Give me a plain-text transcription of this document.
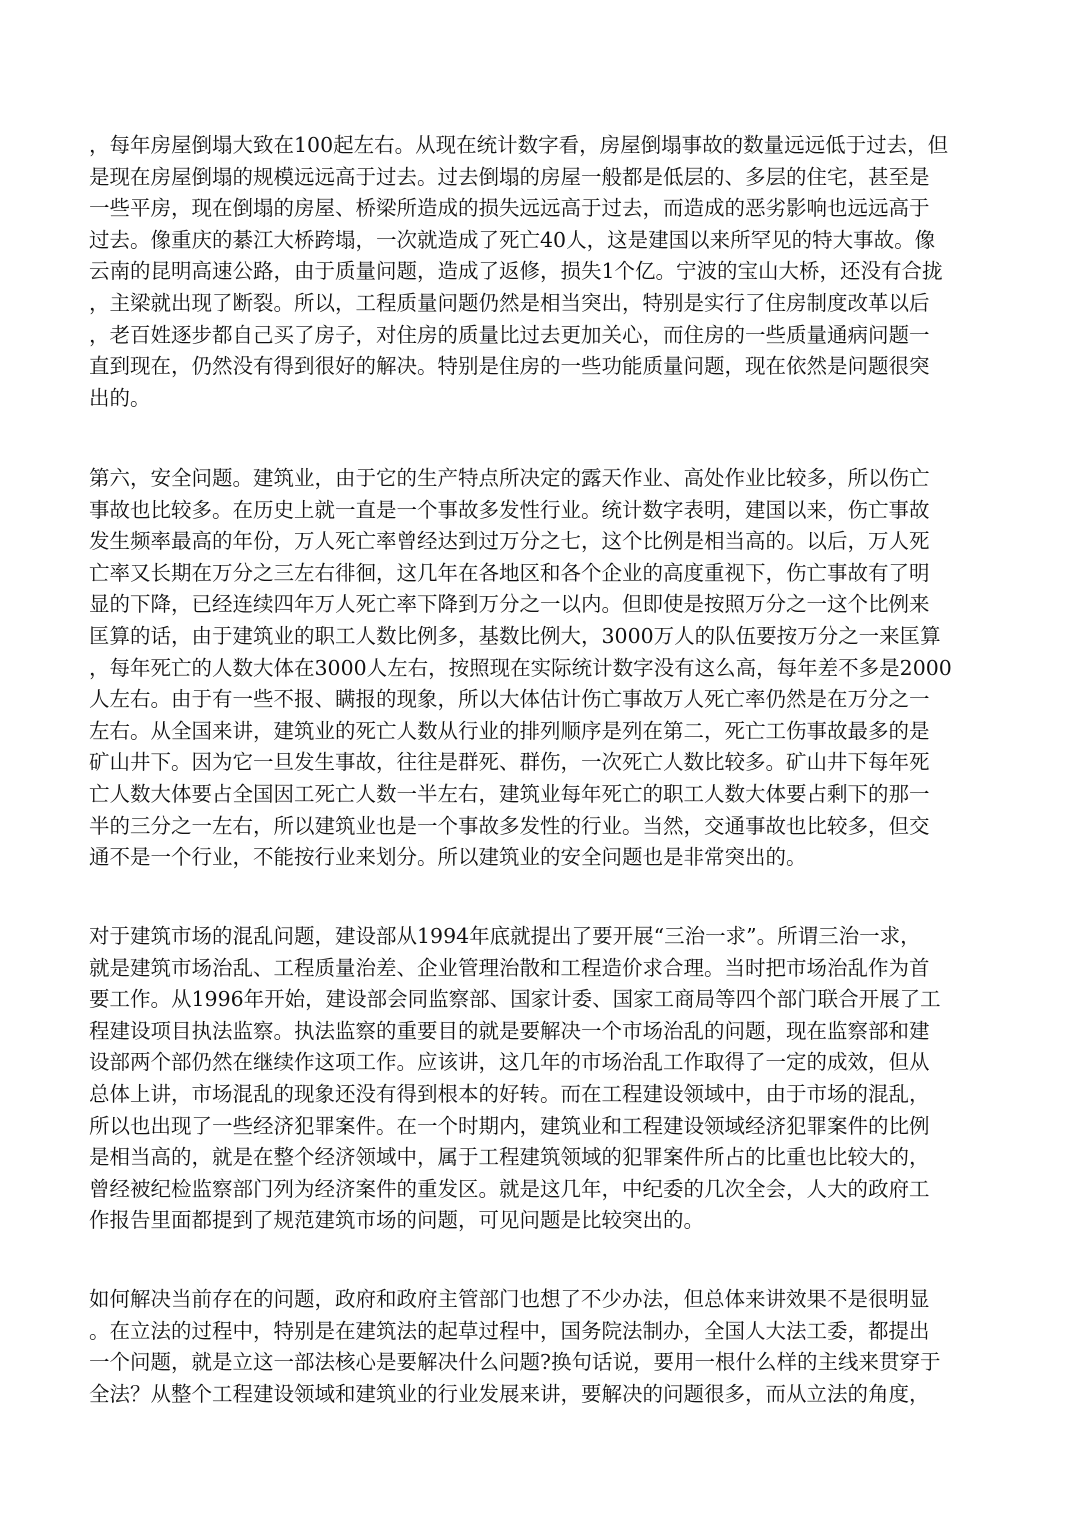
，每年房屋倒塌大致在100起左右。从现在统计数字看，房屋倒塌事故的数量远远低于过去，但
是现在房屋倒塌的规模远远高于过去。过去倒塌的房屋一般都是低层的、多层的住宅，甚至是
一些平房，现在倒塌的房屋、桥梁所造成的损失远远高于过去，而造成的恶劣影响也远远高于
过去。像重庆的綦江大桥跨塌，一次就造成了死亡40人，这是建国以来所罕见的特大事故。像
云南的昆明高速公路，由于质量问题，造成了返修，损失1个亿。宁波的宝山大桥，还没有合拢
，主梁就出现了断裂。所以，工程质量问题仍然是相当突出，特别是实行了住房制度改革以后
，老百姓逐步都自己买了房子，对住房的质量比过去更加关心，而住房的一些质量通病问题一
直到现在，仍然没有得到很好的解决。特别是住房的一些功能质量问题，现在依然是问题很突
出的。
第六，安全问题。建筑业，由于它的生产特点所决定的露天作业、高处作业比较多，所以伤亡
事故也比较多。在历史上就一直是一个事故多发性行业。统计数字表明，建国以来，伤亡事故
发生频率最高的年份，万人死亡率曾经达到过万分之七，这个比例是相当高的。以后，万人死
亡率又长期在万分之三左右徘徊，这几年在各地区和各个企业的高度重视下，伤亡事故有了明
显的下降，已经连续四年万人死亡率下降到万分之一以内。但即使是按照万分之一这个比例来
匡算的话，由于建筑业的职工人数比例多，基数比例大，3000万人的队伍要按万分之一来匡算
，每年死亡的人数大体在3000人左右，按照现在实际统计数字没有这么高，每年差不多是2000
人左右。由于有一些不报、瞒报的现象，所以大体估计伤亡事故万人死亡率仍然是在万分之一
左右。从全国来讲，建筑业的死亡人数从行业的排列顺序是列在第二，死亡工伤事故最多的是
矿山井下。因为它一旦发生事故，往往是群死、群伤，一次死亡人数比较多。矿山井下每年死
亡人数大体要占全国因工死亡人数一半左右，建筑业每年死亡的职工人数大体要占剩下的那一
半的三分之一左右，所以建筑业也是一个事故多发性的行业。当然，交通事故也比较多，但交
通不是一个行业，不能按行业来划分。所以建筑业的安全问题也是非常突出的。
对于建筑市场的混乱问题，建设部从1994年底就提出了要开展“三治一求”。所谓三治一求，
就是建筑市场治乱、工程质量治差、企业管理治散和工程造价求合理。当时把市场治乱作为首
要工作。从1996年开始，建设部会同监察部、国家计委、国家工商局等四个部门联合开展了工
程建设项目执法监察。执法监察的重要目的就是要解决一个市场治乱的问题，现在监察部和建
设部两个部仍然在继续作这项工作。应该讲，这几年的市场治乱工作取得了一定的成效，但从
总体上讲，市场混乱的现象还没有得到根本的好转。而在工程建设领域中，由于市场的混乱，
所以也出现了一些经济犯罪案件。在一个时期内，建筑业和工程建设领域经济犯罪案件的比例
是相当高的，就是在整个经济领域中，属于工程建筑领域的犯罪案件所占的比重也比较大的，
曾经被纪检监察部门列为经济案件的重发区。就是这几年，中纪委的几次全会，人大的政府工
作报告里面都提到了规范建筑市场的问题，可见问题是比较突出的。
如何解决当前存在的问题，政府和政府主管部门也想了不少办法，但总体来讲效果不是很明显
。在立法的过程中，特别是在建筑法的起草过程中，国务院法制办，全国人大法工委，都提出
一个问题，就是立这一部法核心是要解决什么问题?换句话说，要用一根什么样的主线来贯穿于
全法？从整个工程建设领域和建筑业的行业发展来讲，要解决的问题很多，而从立法的角度，
